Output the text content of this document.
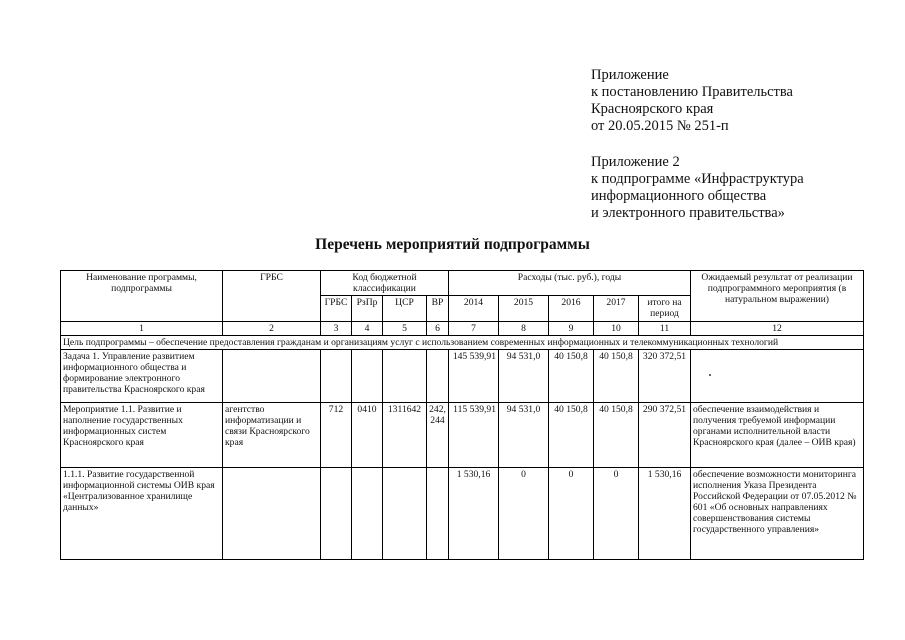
Приложение
к постановлению Правительства
Красноярского края
от 20.05.2015 № 251-п
Приложение 2
к подпрограмме «Инфраструктура
информационного общества
и электронного правительства»
Перечень мероприятий подпрограммы
Наименование программы, подпрограммы	ГРБС	Код бюджетной классификации				Расходы (тыс. руб.), годы					Ожидаемый результат от реализации подпрограммного мероприятия (в натуральном выражении)
		ГРБС	РзПр	ЦСР	ВР	2014	2015	2016	2017	итого на период	
1	2	3	4	5	6	7	8	9	10	11	12
Цель подпрограммы – обеспечение предоставления гражданам и организациям услуг с использованием современных информационных и телекоммуникационных технологий											
Задача 1. Управление развитием информационного общества и формирование электронного правительства Красноярского края						145 539,91	94 531,0	40 150,8	40 150,8	320 372,51	
Мероприятие 1.1. Развитие и наполнение государственных информационных систем Красноярского края	агентство информатизации и связи Красноярского края	712	0410	1311642	242, 244	115 539,91	94 531,0	40 150,8	40 150,8	290 372,51	обеспечение взаимодействия и получения требуемой информации органами исполнительной власти Красноярского края (далее – ОИВ края)
1.1.1. Развитие государственной информационной системы ОИВ края «Централизованное хранилище данных»						1 530,16	0	0	0	1 530,16	обеспечение возможности мониторинга исполнения Указа Президента Российской Федерации от 07.05.2012 № 601 «Об основных направлениях совершенствования системы государственного управления»
